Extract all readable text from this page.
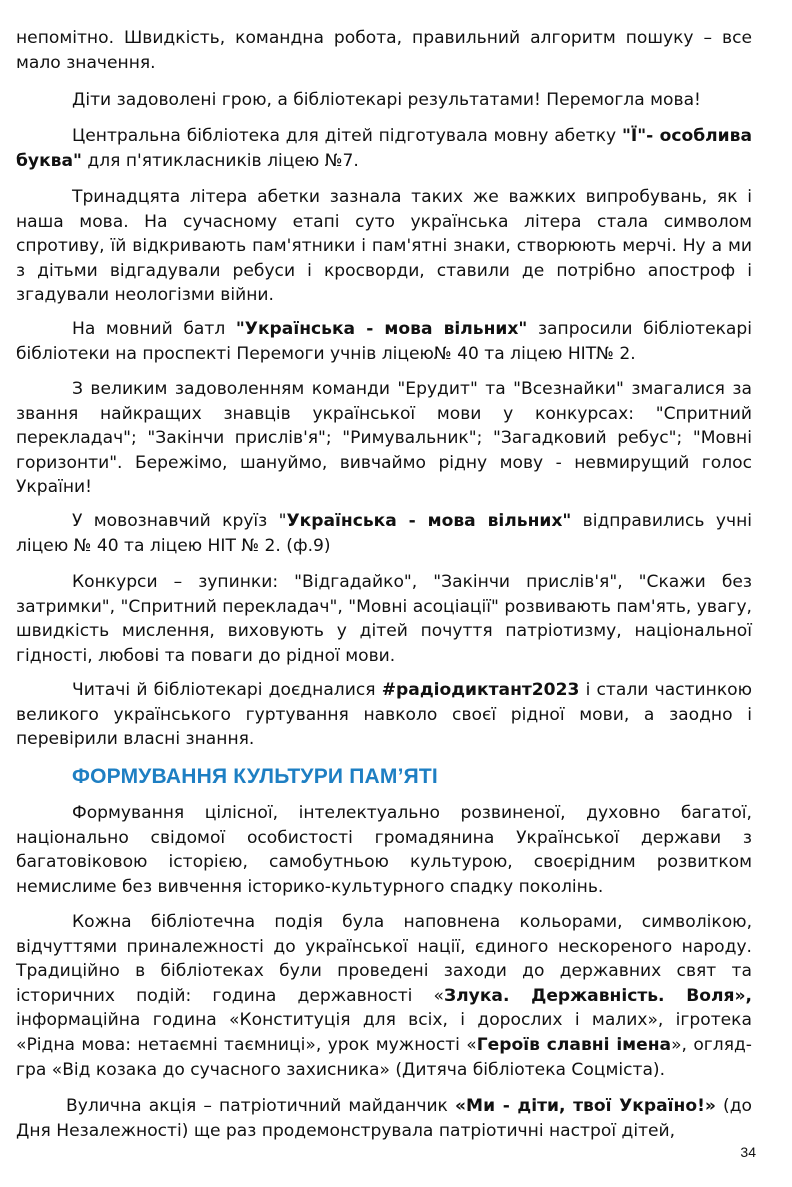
непомітно. Швидкість, командна робота, правильний алгоритм пошуку – все мало значення.

Діти задоволені грою, а бібліотекарі результатами! Перемогла мова!

Центральна бібліотека для дітей підготувала мовну абетку "Ї"- особлива буква" для п'ятикласників ліцею №7.

Тринадцята літера абетки зазнала таких же важких випробувань, як і наша мова. На сучасному етапі суто українська літера стала символом спротиву, їй відкривають пам'ятники і пам'ятні знаки, створюють мерчі. Ну а ми з дітьми відгадували ребуси і кросворди, ставили де потрібно апостроф і згадували неологізми війни.

На мовний батл "Українська - мова вільних" запросили бібліотекарі бібліотеки на проспекті Перемоги учнів ліцею№ 40 та ліцею НІТ№ 2.

З великим задоволенням команди "Ерудит" та "Всезнайки" змагалися за звання найкращих знавців української мови у конкурсах: "Спритний перекладач"; "Закінчи прислів'я"; "Римувальник"; "Загадковий ребус"; "Мовні горизонти". Бережімо, шануймо, вивчаймо рідну мову - невмирущий голос України!

У мовознавчий круїз "Українська - мова вільних" відправились учні ліцею № 40 та ліцею НІТ № 2. (ф.9)

Конкурси – зупинки: "Відгадайко", "Закінчи прислів'я", "Скажи без затримки", "Спритний перекладач", "Мовні асоціації" розвивають пам'ять, увагу, швидкість мислення, виховують у дітей почуття патріотизму, національної гідності, любові та поваги до рідної мови.

Читачі й бібліотекарі доєдналися #радіодиктант2023 і стали частинкою великого українського гуртування навколо своєї рідної мови, а заодно і перевірили власні знання.

ФОРМУВАННЯ КУЛЬТУРИ ПАМ’ЯТІ

Формування цілісної, інтелектуально розвиненої, духовно багатої, національно свідомої особистості громадянина Української держави з багатовіковою історією, самобутньою культурою, своєрідним розвитком немислиме без вивчення історико-культурного спадку поколінь.

Кожна бібліотечна подія була наповнена кольорами, символікою, відчуттями приналежності до української нації, єдиного нескореного народу. Традиційно в бібліотеках були проведені заходи до державних свят та історичних подій: година державності «Злука. Державність. Воля», інформаційна година «Конституція для всіх, і дорослих і малих», ігротека «Рідна мова: нетаємні таємниці», урок мужності «Героїв славні імена», огляд-гра «Від козака до сучасного захисника» (Дитяча бібліотека Соцміста).

Вулична акція – патріотичний майданчик «Ми - діти, твої Україно!» (до Дня Незалежності) ще раз продемонструвала патріотичні настрої дітей,

34
